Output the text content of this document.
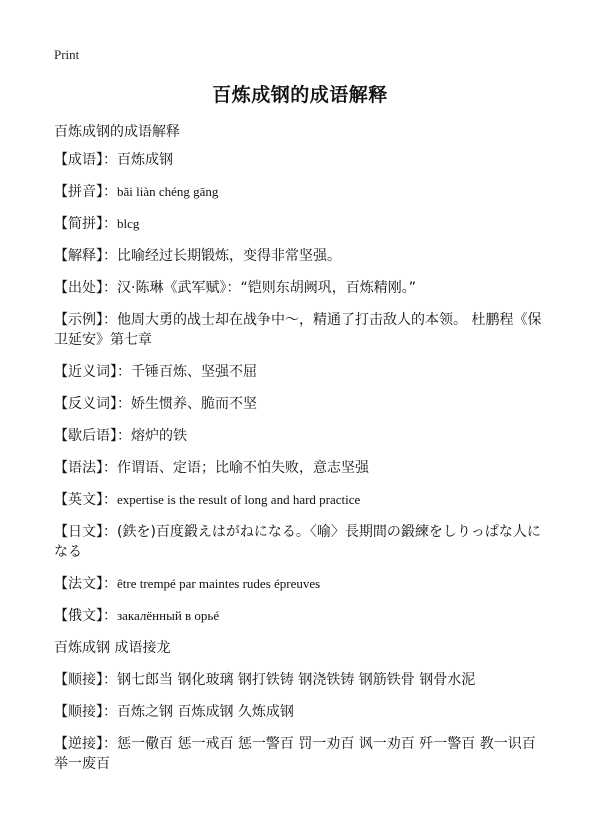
Print
百炼成钢的成语解释
百炼成钢的成语解释
【成语】：百炼成钢
【拼音】：bǎi liàn chéng gāng
【简拼】：blcg
【解释】：比喻经过长期锻炼，变得非常坚强。
【出处】：汉·陈琳《武军赋》：“铠则东胡阙巩，百炼精刚。”
【示例】：他周大勇的战士却在战争中～，精通了打击敌人的本领。 杜鹏程《保卫延安》第七章
【近义词】：千锤百炼、坚强不屈
【反义词】：娇生惯养、脆而不坚
【歇后语】：熔炉的铁
【语法】：作谓语、定语；比喻不怕失败，意志坚强
【英文】：expertise is the result of long and hard practice
【日文】：(鉄を)百度鍛えはがねになる。〈喻〉長期間の鍛練をしりっぱな人になる
【法文】：être trempé par maintes rudes épreuves
【俄文】：закалённый в орьé
百炼成钢 成语接龙
【顺接】：钢七郎当 钢化玻璃 钢打铁铸 钢浇铁铸 钢筋铁骨 钢骨水泥
【顺接】：百炼之钢 百炼成钢 久炼成钢
【逆接】：惩一儆百 惩一戒百 惩一警百 罚一劝百 讽一劝百 歼一警百 教一识百 举一废百
